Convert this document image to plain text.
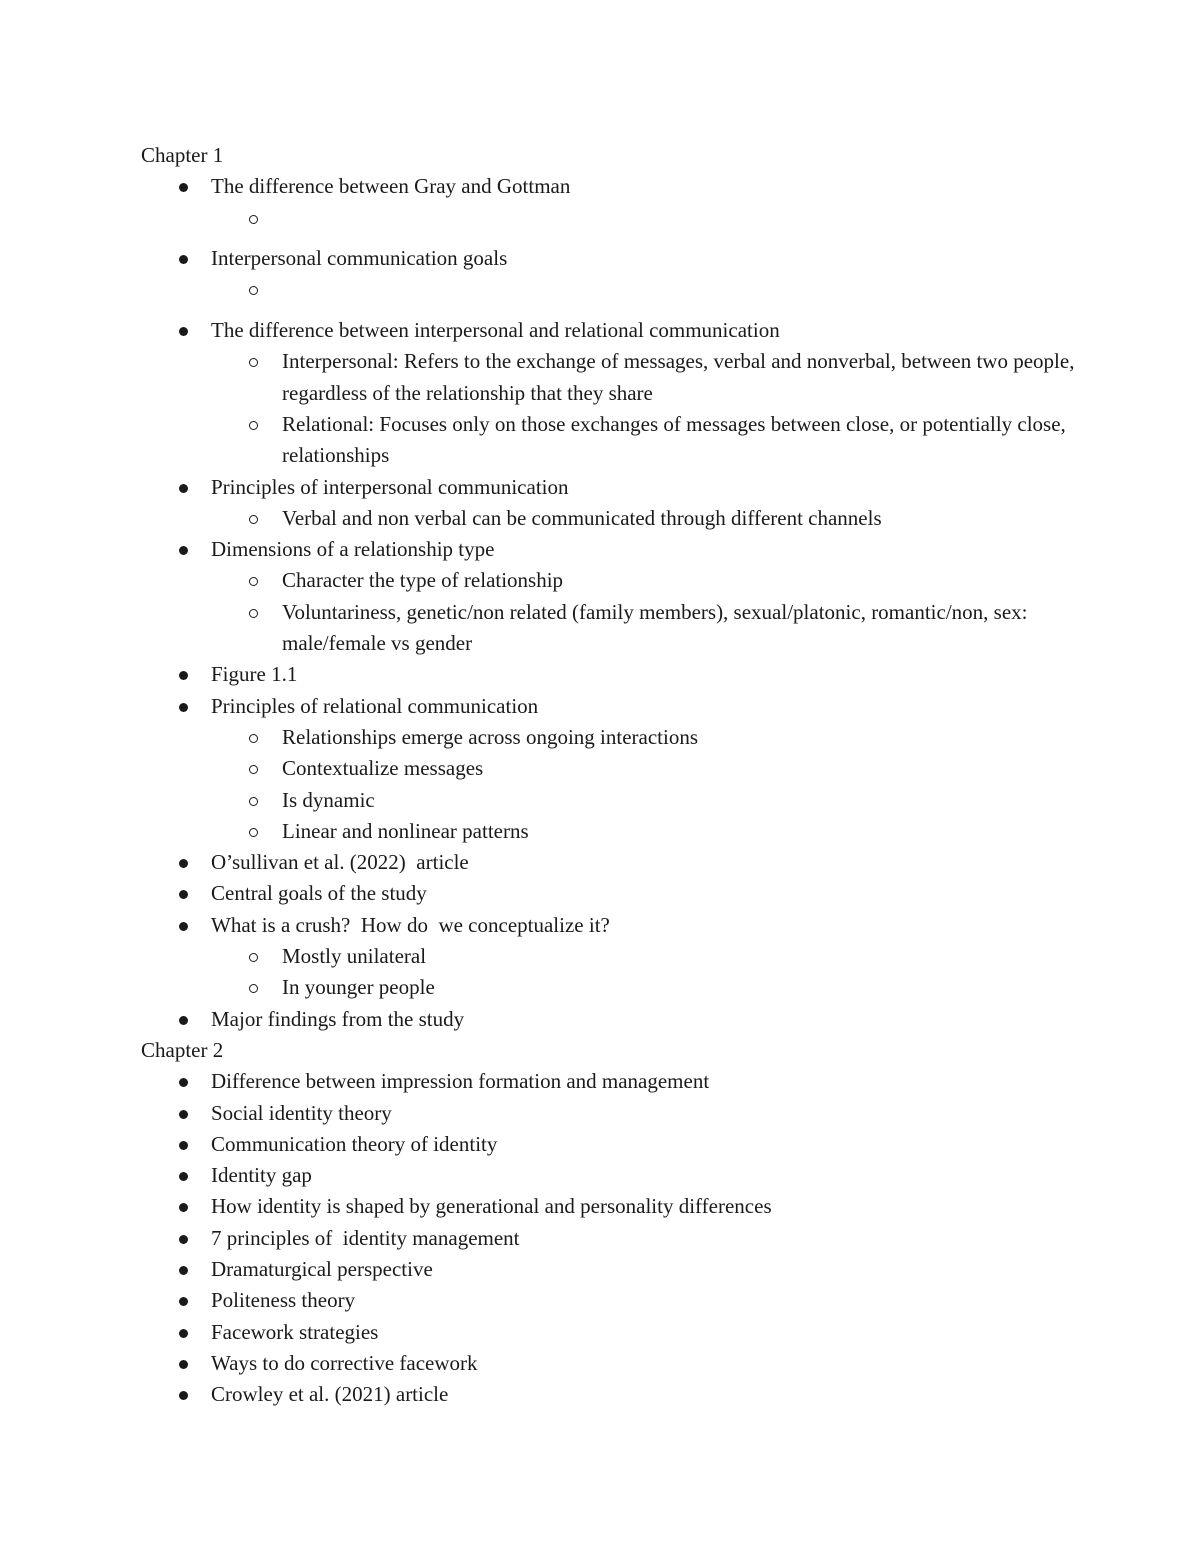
Chapter 1
The difference between Gray and Gottman
Interpersonal communication goals
The difference between interpersonal and relational communication
Interpersonal: Refers to the exchange of messages, verbal and nonverbal, between two people, regardless of the relationship that they share
Relational: Focuses only on those exchanges of messages between close, or potentially close, relationships
Principles of interpersonal communication
Verbal and non verbal can be communicated through different channels
Dimensions of a relationship type
Character the type of relationship
Voluntariness, genetic/non related (family members), sexual/platonic, romantic/non, sex: male/female vs gender
Figure 1.1
Principles of relational communication
Relationships emerge across ongoing interactions
Contextualize messages
Is dynamic
Linear and nonlinear patterns
O’sullivan et al. (2022)  article
Central goals of the study
What is a crush?  How do  we conceptualize it?
Mostly unilateral
In younger people
Major findings from the study
Chapter 2
Difference between impression formation and management
Social identity theory
Communication theory of identity
Identity gap
How identity is shaped by generational and personality differences
7 principles of  identity management
Dramaturgical perspective
Politeness theory
Facework strategies
Ways to do corrective facework
Crowley et al. (2021) article
